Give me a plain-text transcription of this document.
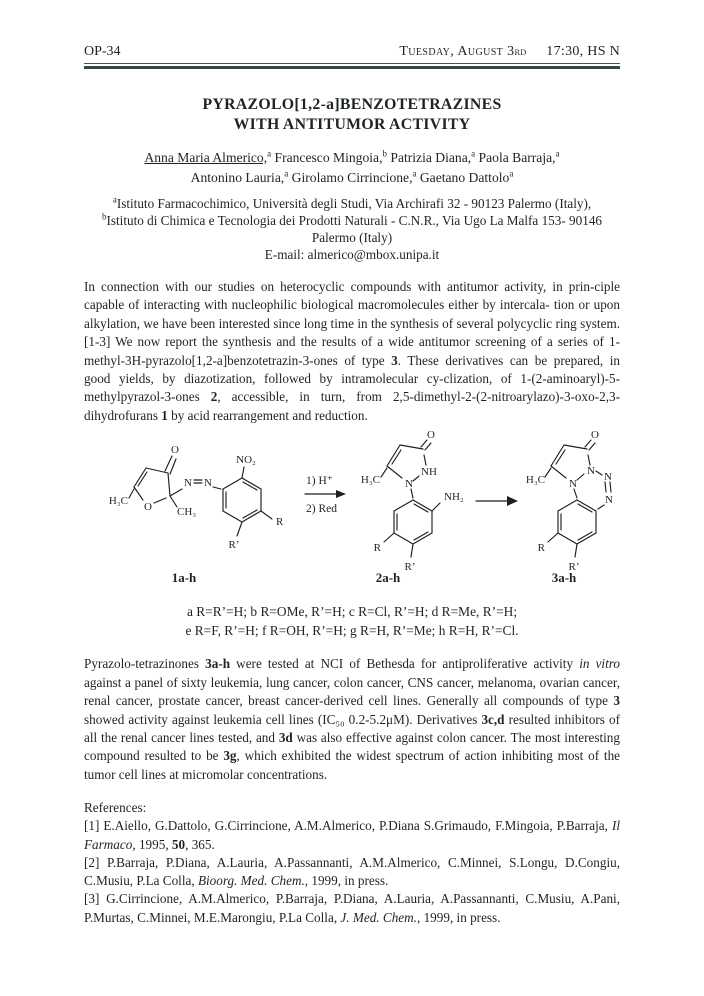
OP-34	Tuesday, August 3 RD 17:30, HS N
PYRAZOLO[1,2-a]BENZOTETRAZINES
WITH ANTITUMOR ACTIVITY
Anna Maria Almerico,$^a$ Francesco Mingoia,$^b$ Patrizia Diana,$^a$ Paola Barraja,$^a$
Antonino Lauria,$^a$ Girolamo Cirrincione,$^a$ Gaetano Dattolo$^a$
$^a$Istituto Farmacochimico, Università degli Studi, Via Archirafi 32 - 90123 Palermo (Italy),
$^b$Istituto di Chimica e Tecnologia dei Prodotti Naturali - C.N.R., Via Ugo La Malfa 153- 90146 Palermo (Italy)
E-mail: almerico@mbox.unipa.it

In connection with our studies on heterocyclic compounds with antitumor activity, in prin-ciple capable of interacting with nucleophilic biological macromolecules either by intercala- tion or upon alkylation, we have been interested since long time in the synthesis of several polycyclic ring system.[1-3] We now report the synthesis and the results of a wide antitumor screening of a series of 1-methyl-3H-pyrazolo[1,2-a]benzotetrazin-3-ones of type 3. These derivatives can be prepared, in good yields, by diazotization, followed by intramolecular cy-clization, of 1-(2-aminoaryl)-5-methylpyrazol-3-ones 2, accessible, in turn, from 2,5-dimethyl-2-(2-nitroarylazo)-3-oxo-2,3-dihydrofurans 1 by acid rearrangement and reduction.

O
O
H₃C
CH₃
N N
NO₂
R
R’
1a-h
1) H⁺
2) Red
O
NH
N
H₃C
NH₂
R
R’
2a-h
O
N
N
N
N
H₃C
R
R’
3a-h
a R=R’=H; b R=OMe, R’=H; c R=Cl, R’=H; d R=Me, R’=H;
e R=F, R’=H; f R=OH, R’=H; g R=H, R’=Me; h R=H, R’=Cl.

Pyrazolo-tetrazinones 3a-h were tested at NCI of Bethesda for antiproliferative activity in vitro against a panel of sixty leukemia, lung cancer, colon cancer, CNS cancer, melanoma, ovarian cancer, renal cancer, prostate cancer, breast cancer-derived cell lines. Generally all compounds of type 3 showed activity against leukemia cell lines (IC₅₀ 0.2-5.2μM). Derivatives 3c,d resulted inhibitors of all the renal cancer lines tested, and 3d was also effective against colon cancer. The most interesting compound resulted to be 3g, which exhibited the widest spectrum of action inhibiting most of the tumor cell lines at micromolar concentrations.

References:

[1] E.Aiello, G.Dattolo, G.Cirrincione, A.M.Almerico, P.Diana S.Grimaudo, F.Mingoia, P.Barraja, Il Farmaco, 1995, 50, 365.

[2] P.Barraja, P.Diana, A.Lauria, A.Passannanti, A.M.Almerico, C.Minnei, S.Longu, D.Congiu, C.Musiu, P.La Colla, Bioorg. Med. Chem., 1999, in press.

[3] G.Cirrincione, A.M.Almerico, P.Barraja, P.Diana, A.Lauria, A.Passannanti, C.Musiu, A.Pani, P.Murtas, C.Minnei, M.E.Marongiu, P.La Colla, J. Med. Chem., 1999, in press.
